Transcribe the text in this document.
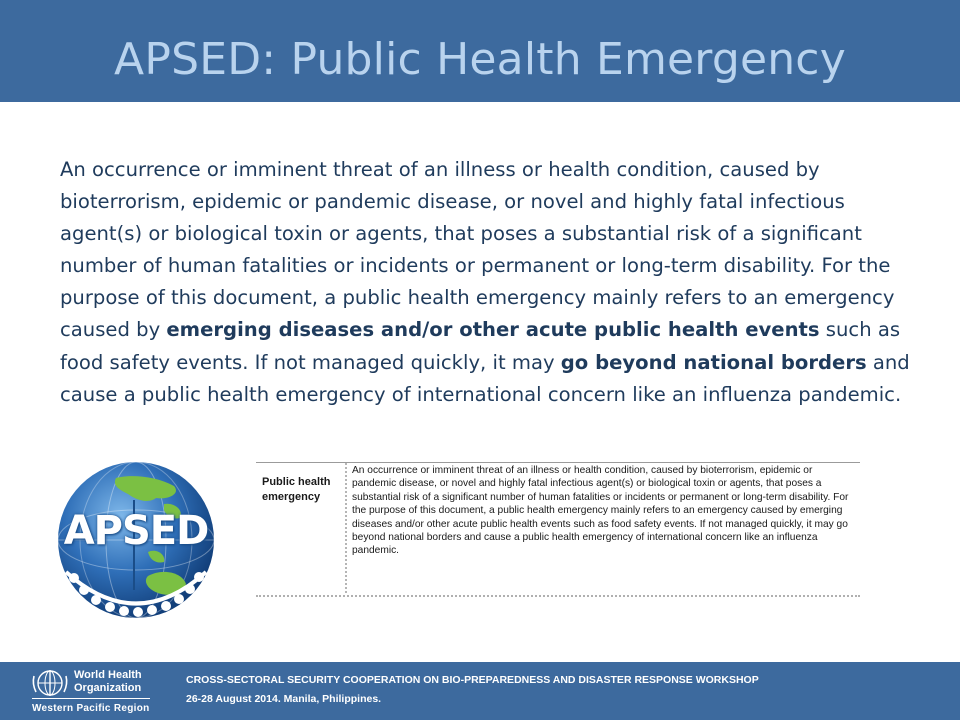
APSED: Public Health Emergency
An occurrence or imminent threat of an illness or health condition, caused by bioterrorism, epidemic or pandemic disease, or novel and highly fatal infectious agent(s) or biological toxin or agents, that poses a substantial risk of a significant number of human fatalities or incidents or permanent or long-term disability. For the purpose of this document, a public health emergency mainly refers to an emergency caused by emerging diseases and/or other acute public health events such as food safety events. If not managed quickly, it may go beyond national borders and cause a public health emergency of international concern like an influenza pandemic.
APSED
Public health emergency
An occurrence or imminent threat of an illness or health condition, caused by bioterrorism, epidemic or pandemic disease, or novel and highly fatal infectious agent(s) or biological toxin or agents, that poses a substantial risk of a significant number of human fatalities or incidents or permanent or long-term disability. For the purpose of this document, a public health emergency mainly refers to an emergency caused by emerging diseases and/or other acute public health events such as food safety events. If not managed quickly, it may go beyond national borders and cause a public health emergency of international concern like an influenza pandemic.
World Health Organization
Western Pacific Region
CROSS-SECTORAL SECURITY COOPERATION ON BIO-PREPAREDNESS AND DISASTER RESPONSE WORKSHOP
26-28 August 2014. Manila, Philippines.
